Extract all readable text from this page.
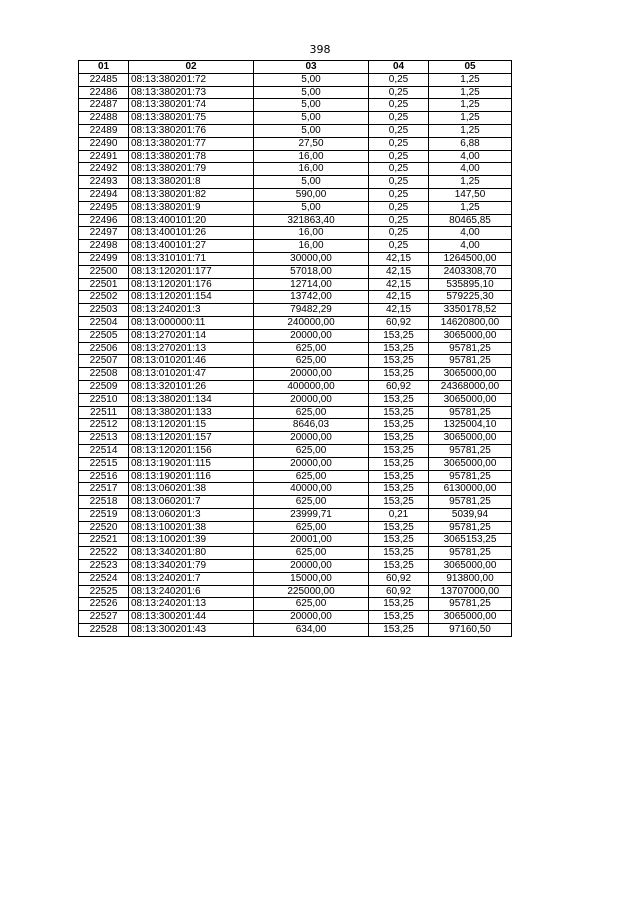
398
01	02	03	04	05
22485	08:13:380201:72	5,00	0,25	1,25
22486	08:13:380201:73	5,00	0,25	1,25
22487	08:13:380201:74	5,00	0,25	1,25
22488	08:13:380201:75	5,00	0,25	1,25
22489	08:13:380201:76	5,00	0,25	1,25
22490	08:13:380201:77	27,50	0,25	6,88
22491	08:13:380201:78	16,00	0,25	4,00
22492	08:13:380201:79	16,00	0,25	4,00
22493	08:13:380201:8	5,00	0,25	1,25
22494	08:13:380201:82	590,00	0,25	147,50
22495	08:13:380201:9	5,00	0,25	1,25
22496	08:13:400101:20	321863,40	0,25	80465,85
22497	08:13:400101:26	16,00	0,25	4,00
22498	08:13:400101:27	16,00	0,25	4,00
22499	08:13:310101:71	30000,00	42,15	1264500,00
22500	08:13:120201:177	57018,00	42,15	2403308,70
22501	08:13:120201:176	12714,00	42,15	535895,10
22502	08:13:120201:154	13742,00	42,15	579225,30
22503	08:13:240201:3	79482,29	42,15	3350178,52
22504	08:13:000000:11	240000,00	60,92	14620800,00
22505	08:13:270201:14	20000,00	153,25	3065000,00
22506	08:13:270201:13	625,00	153,25	95781,25
22507	08:13:010201:46	625,00	153,25	95781,25
22508	08:13:010201:47	20000,00	153,25	3065000,00
22509	08:13:320101:26	400000,00	60,92	24368000,00
22510	08:13:380201:134	20000,00	153,25	3065000,00
22511	08:13:380201:133	625,00	153,25	95781,25
22512	08:13:120201:15	8646,03	153,25	1325004,10
22513	08:13:120201:157	20000,00	153,25	3065000,00
22514	08:13:120201:156	625,00	153,25	95781,25
22515	08:13:190201:115	20000,00	153,25	3065000,00
22516	08:13:190201:116	625,00	153,25	95781,25
22517	08:13:060201:38	40000,00	153,25	6130000,00
22518	08:13:060201:7	625,00	153,25	95781,25
22519	08:13:060201:3	23999,71	0,21	5039,94
22520	08:13:100201:38	625,00	153,25	95781,25
22521	08:13:100201:39	20001,00	153,25	3065153,25
22522	08:13:340201:80	625,00	153,25	95781,25
22523	08:13:340201:79	20000,00	153,25	3065000,00
22524	08:13:240201:7	15000,00	60,92	913800,00
22525	08:13:240201:6	225000,00	60,92	13707000,00
22526	08:13:240201:13	625,00	153,25	95781,25
22527	08:13:300201:44	20000,00	153,25	3065000,00
22528	08:13:300201:43	634,00	153,25	97160,50
